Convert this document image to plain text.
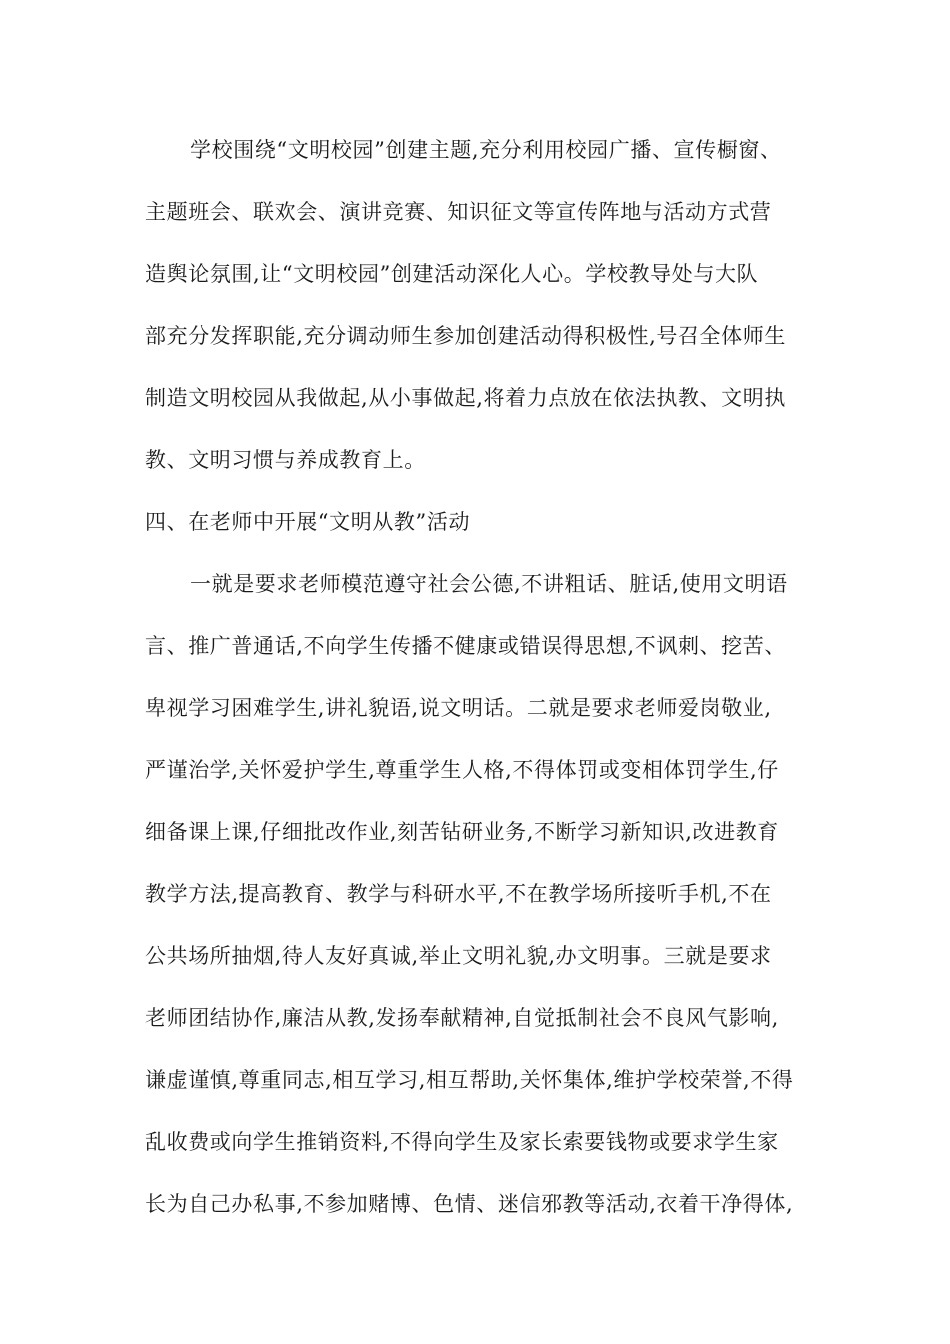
学校围绕“文明校园”创建主题,充分利用校园广播、宣传橱窗、
主题班会、联欢会、演讲竞赛、知识征文等宣传阵地与活动方式营
造舆论氛围,让“文明校园”创建活动深化人心。学校教导处与大队
部充分发挥职能,充分调动师生参加创建活动得积极性,号召全体师生
制造文明校园从我做起,从小事做起,将着力点放在依法执教、文明执
教、文明习惯与养成教育上。
四、在老师中开展“文明从教”活动
一就是要求老师模范遵守社会公德,不讲粗话、脏话,使用文明语
言、推广普通话,不向学生传播不健康或错误得思想,不讽刺、挖苦、
卑视学习困难学生,讲礼貌语,说文明话。二就是要求老师爱岗敬业,
严谨治学,关怀爱护学生,尊重学生人格,不得体罚或变相体罚学生,仔
细备课上课,仔细批改作业,刻苦钻研业务,不断学习新知识,改进教育
教学方法,提高教育、教学与科研水平,不在教学场所接听手机,不在
公共场所抽烟,待人友好真诚,举止文明礼貌,办文明事。三就是要求
老师团结协作,廉洁从教,发扬奉献精神,自觉抵制社会不良风气影响,
谦虚谨慎,尊重同志,相互学习,相互帮助,关怀集体,维护学校荣誉,不得
乱收费或向学生推销资料,不得向学生及家长索要钱物或要求学生家
长为自己办私事,不参加赌博、色情、迷信邪教等活动,衣着干净得体,
